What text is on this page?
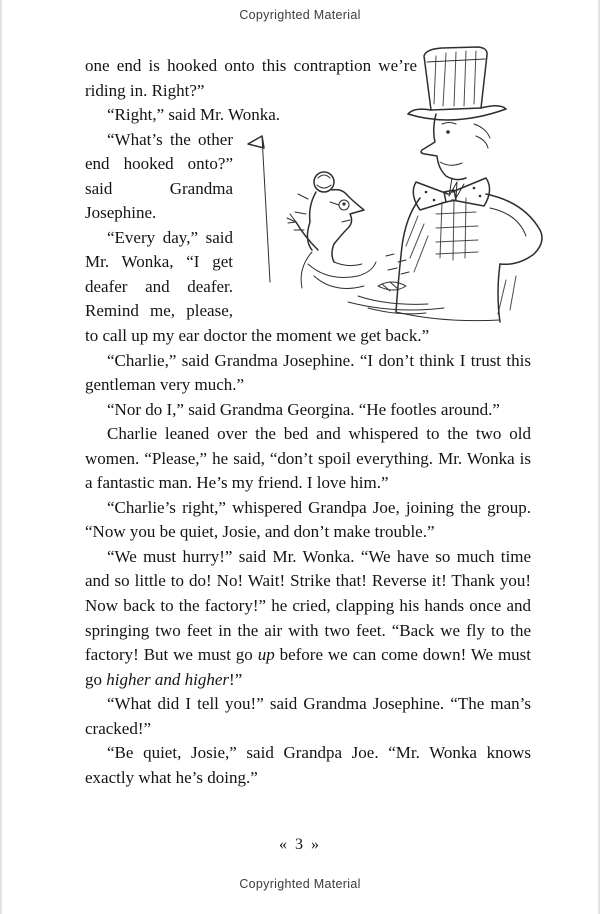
Copyrighted Material

one end is hooked onto this contraption we’re riding in. Right?”

“Right,” said Mr. Wonka.

“What’s the other end hooked onto?” said Grandma Josephine.

“Every day,” said Mr. Wonka, “I get deafer and deafer. Remind me, please, to call up my ear doctor the moment we get back.”

“Charlie,” said Grandma Josephine. “I don’t think I trust this gentleman very much.”

“Nor do I,” said Grandma Georgina. “He footles around.”

Charlie leaned over the bed and whispered to the two old women. “Please,” he said, “don’t spoil everything. Mr. Wonka is a fantastic man. He’s my friend. I love him.”

“Charlie’s right,” whispered Grandpa Joe, joining the group. “Now you be quiet, Josie, and don’t make trouble.”

“We must hurry!” said Mr. Wonka. “We have so much time and so little to do! No! Wait! Strike that! Reverse it! Thank you! Now back to the factory!” he cried, clapping his hands once and springing two feet in the air with two feet. “Back we fly to the factory! But we must go up before we can come down! We must go higher and higher!”

“What did I tell you!” said Grandma Josephine. “The man’s cracked!”

“Be quiet, Josie,” said Grandpa Joe. “Mr. Wonka knows exactly what he’s doing.”

« 3 »
Copyrighted Material
